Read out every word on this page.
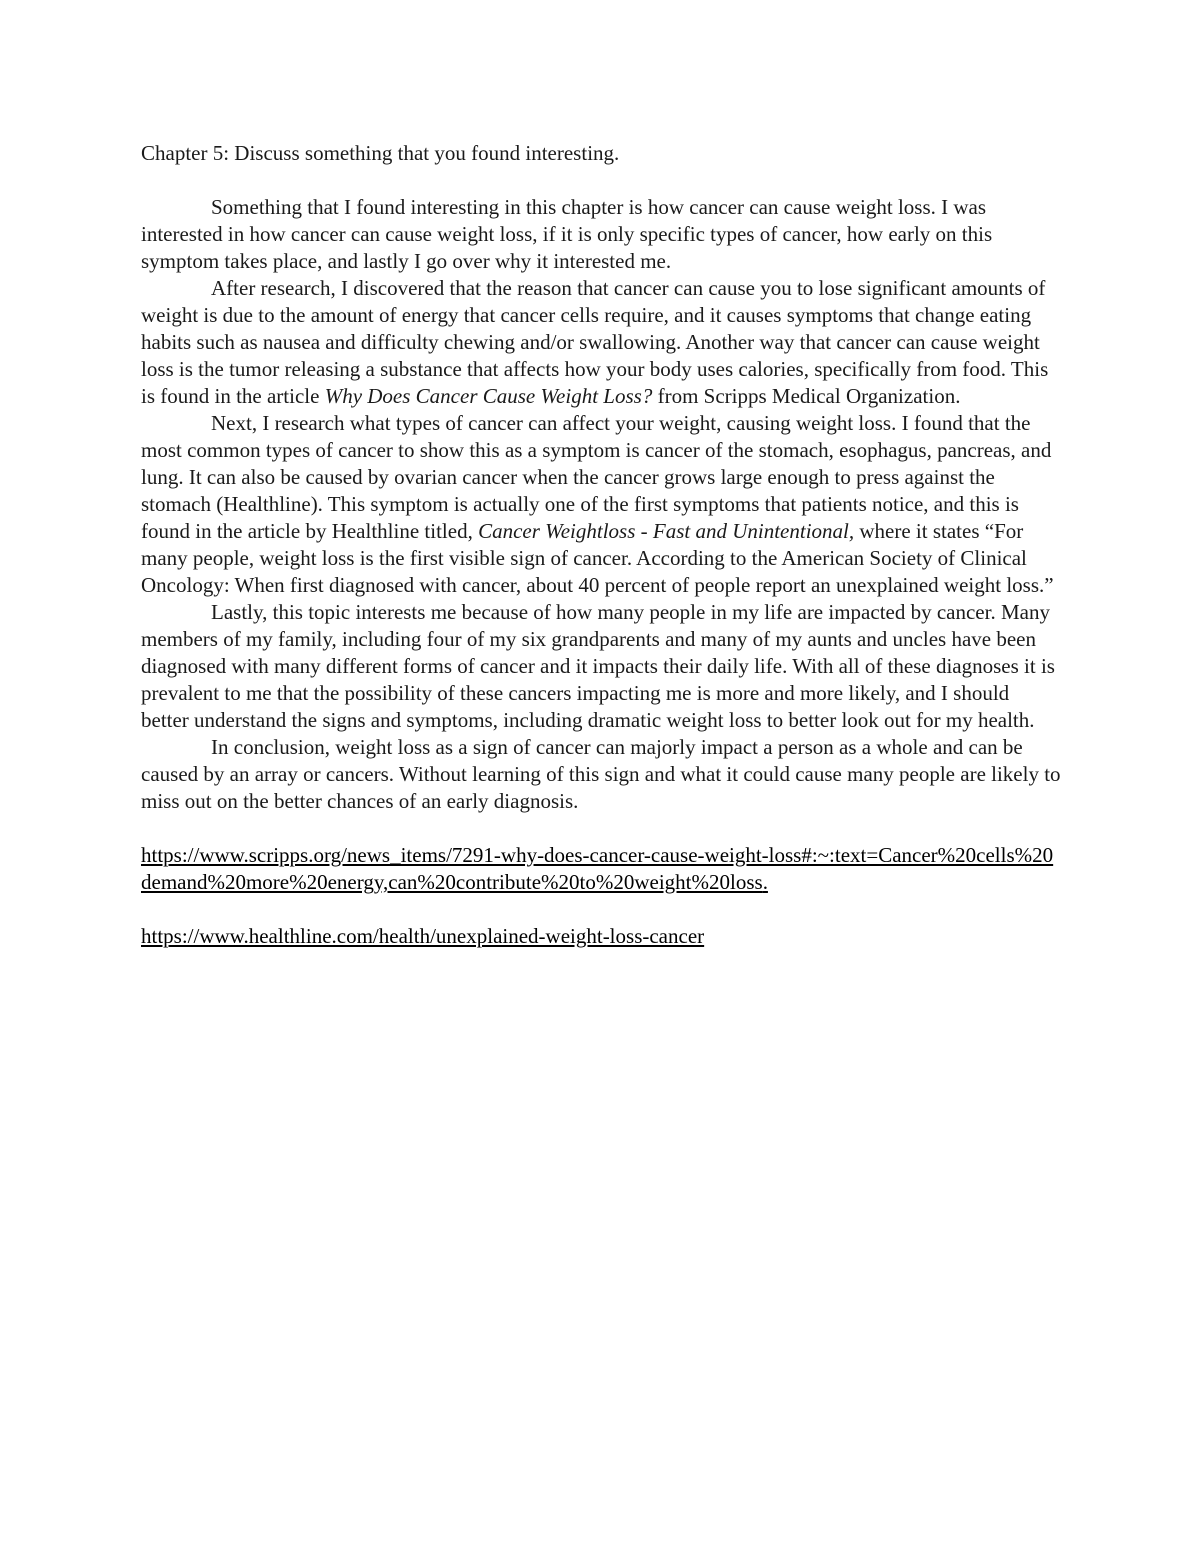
Chapter 5: Discuss something that you found interesting.

Something that I found interesting in this chapter is how cancer can cause weight loss. I was interested in how cancer can cause weight loss, if it is only specific types of cancer, how early on this symptom takes place, and lastly I go over why it interested me.

After research, I discovered that the reason that cancer can cause you to lose significant amounts of weight is due to the amount of energy that cancer cells require, and it causes symptoms that change eating habits such as nausea and difficulty chewing and/or swallowing. Another way that cancer can cause weight loss is the tumor releasing a substance that affects how your body uses calories, specifically from food. This is found in the article Why Does Cancer Cause Weight Loss? from Scripps Medical Organization.

Next, I research what types of cancer can affect your weight, causing weight loss. I found that the most common types of cancer to show this as a symptom is cancer of the stomach, esophagus, pancreas, and lung. It can also be caused by ovarian cancer when the cancer grows large enough to press against the stomach (Healthline). This symptom is actually one of the first symptoms that patients notice, and this is found in the article by Healthline titled, Cancer Weightloss - Fast and Unintentional, where it states “For many people, weight loss is the first visible sign of cancer. According to the American Society of Clinical Oncology: When first diagnosed with cancer, about 40 percent of people report an unexplained weight loss.”

Lastly, this topic interests me because of how many people in my life are impacted by cancer. Many members of my family, including four of my six grandparents and many of my aunts and uncles have been diagnosed with many different forms of cancer and it impacts their daily life. With all of these diagnoses it is prevalent to me that the possibility of these cancers impacting me is more and more likely, and I should better understand the signs and symptoms, including dramatic weight loss to better look out for my health.

In conclusion, weight loss as a sign of cancer can majorly impact a person as a whole and can be caused by an array or cancers. Without learning of this sign and what it could cause many people are likely to miss out on the better chances of an early diagnosis.

https://www.scripps.org/news_items/7291-why-does-cancer-cause-weight-loss#:~:text=Cancer%20cells%20demand%20more%20energy,can%20contribute%20to%20weight%20loss.
https://www.healthline.com/health/unexplained-weight-loss-cancer
